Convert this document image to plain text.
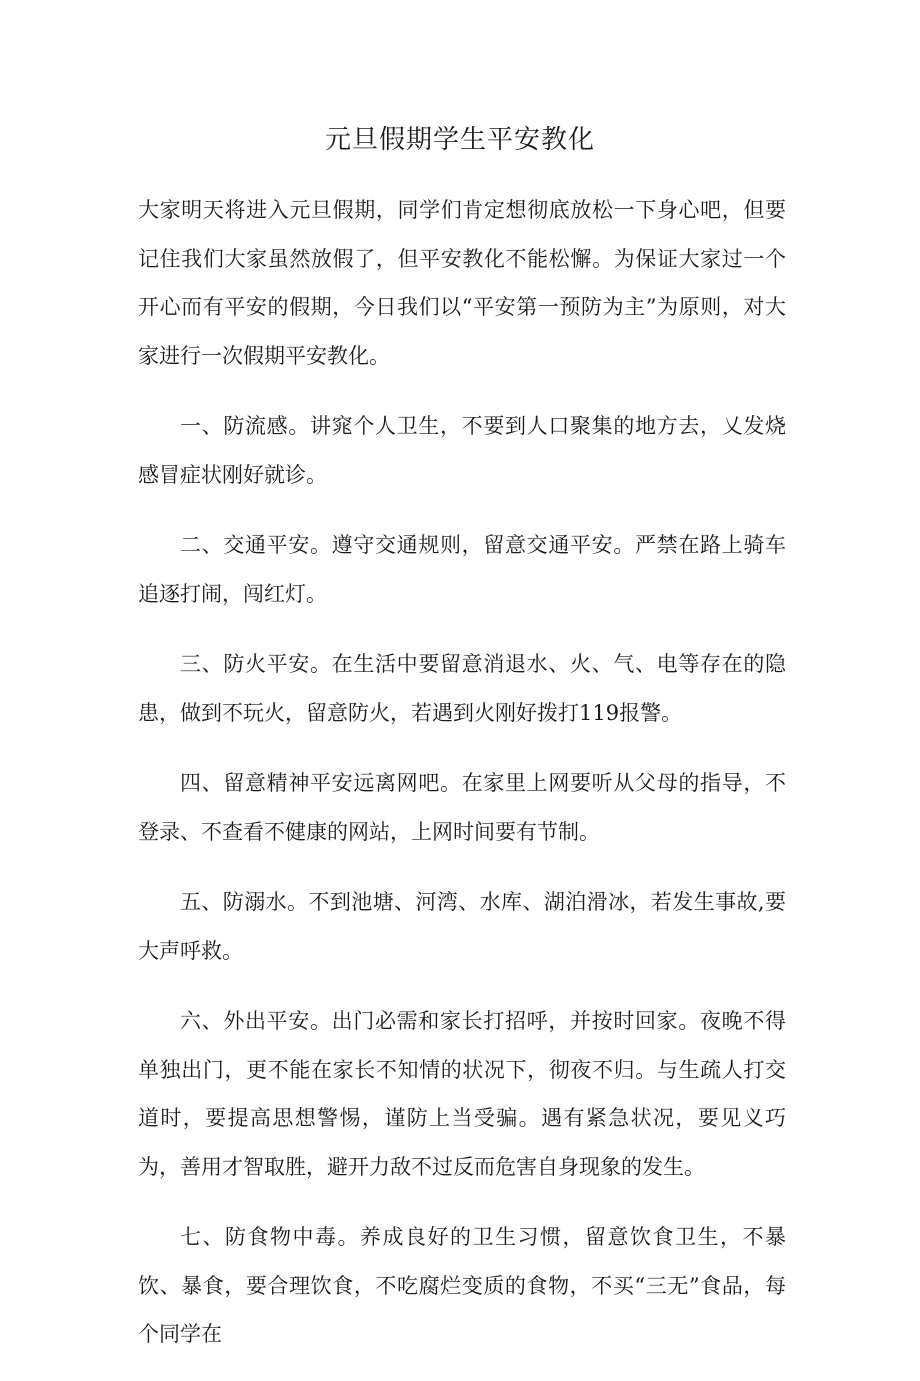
元旦假期学生平安教化

大家明天将进入元旦假期，同学们肯定想彻底放松一下身心吧，但要记住我们大家虽然放假了，但平安教化不能松懈。为保证大家过一个开心而有平安的假期，今日我们以“平安第一预防为主”为原则，对大家进行一次假期平安教化。

一、防流感。讲窕个人卫生，不要到人口聚集的地方去，乂发烧感冒症状刚好就诊。

二、交通平安。遵守交通规则，留意交通平安。严禁在路上骑车追逐打闹，闯红灯。

三、防火平安。在生活中要留意消退水、火、气、电等存在的隐患，做到不玩火，留意防火，若遇到火刚好拨打119报警。

四、留意精神平安远离网吧。在家里上网要听从父母的指导，不登录、不查看不健康的网站，上网时间要有节制。

五、防溺水。不到池塘、河湾、水库、湖泊滑冰，若发生事故,要大声呼救。

六、外出平安。出门必需和家长打招呼，并按时回家。夜晚不得单独出门，更不能在家长不知情的状况下，彻夜不归。与生疏人打交道时，要提高思想警惕，谨防上当受骗。遇有紧急状况，要见义巧为，善用才智取胜，避开力敌不过反而危害自身现象的发生。

七、防食物中毒。养成良好的卫生习惯，留意饮食卫生，不暴饮、暴食，要合理饮食，不吃腐烂变质的食物，不买“三无”食品，每个同学在
